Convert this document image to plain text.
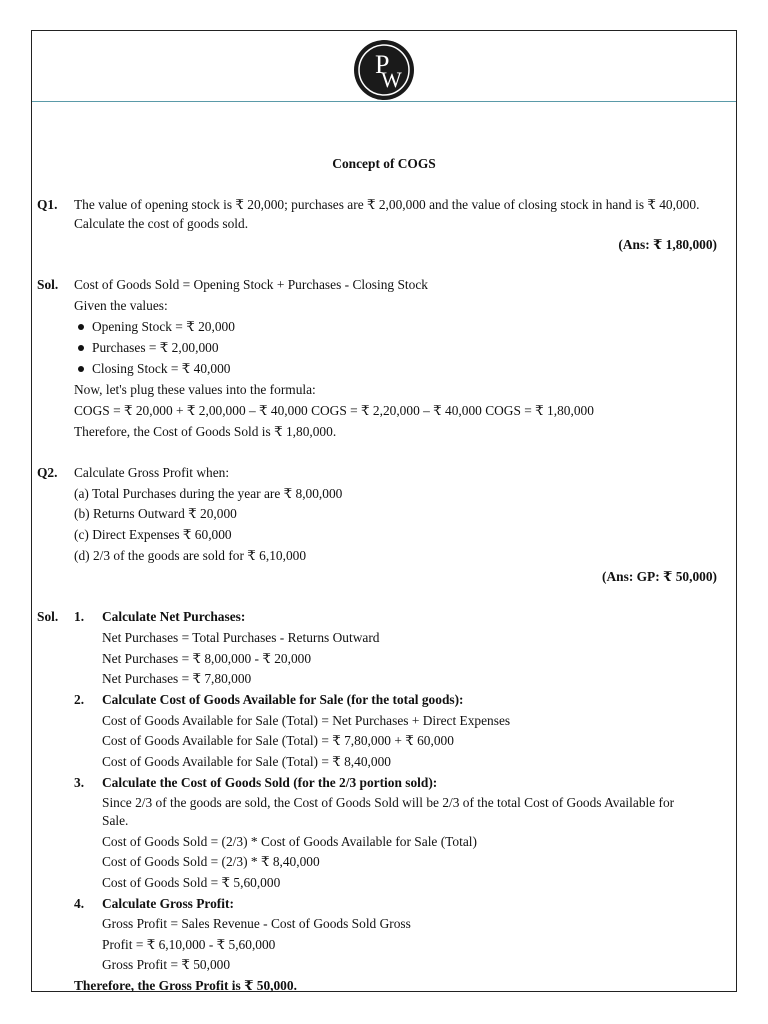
P
W
Concept of COGS
Q1. The value of opening stock is ₹ 20,000; purchases are ₹ 2,00,000 and the value of closing stock in hand is ₹ 40,000.
Calculate the cost of goods sold.
(Ans: ₹ 1,80,000)
Sol. Cost of Goods Sold = Opening Stock + Purchases - Closing Stock
Given the values:
Opening Stock = ₹ 20,000
Purchases = ₹ 2,00,000
Closing Stock = ₹ 40,000
Now, let's plug these values into the formula:
COGS = ₹ 20,000 + ₹ 2,00,000 – ₹ 40,000 COGS = ₹ 2,20,000 – ₹ 40,000 COGS = ₹ 1,80,000
Therefore, the Cost of Goods Sold is ₹ 1,80,000.
Q2. Calculate Gross Profit when:
(a) Total Purchases during the year are ₹ 8,00,000
(b) Returns Outward ₹ 20,000
(c) Direct Expenses ₹ 60,000
(d) 2/3 of the goods are sold for ₹ 6,10,000
(Ans: GP: ₹ 50,000)
Sol. 1. Calculate Net Purchases:
Net Purchases = Total Purchases - Returns Outward
Net Purchases = ₹ 8,00,000 - ₹ 20,000
Net Purchases = ₹ 7,80,000
2. Calculate Cost of Goods Available for Sale (for the total goods):
Cost of Goods Available for Sale (Total) = Net Purchases + Direct Expenses
Cost of Goods Available for Sale (Total) = ₹ 7,80,000 + ₹ 60,000
Cost of Goods Available for Sale (Total) = ₹ 8,40,000
3. Calculate the Cost of Goods Sold (for the 2/3 portion sold):
Since 2/3 of the goods are sold, the Cost of Goods Sold will be 2/3 of the total Cost of Goods Available for
Sale.
Cost of Goods Sold = (2/3) * Cost of Goods Available for Sale (Total)
Cost of Goods Sold = (2/3) * ₹ 8,40,000
Cost of Goods Sold = ₹ 5,60,000
4. Calculate Gross Profit:
Gross Profit = Sales Revenue - Cost of Goods Sold Gross
Profit = ₹ 6,10,000 - ₹ 5,60,000
Gross Profit = ₹ 50,000
Therefore, the Gross Profit is ₹ 50,000.
